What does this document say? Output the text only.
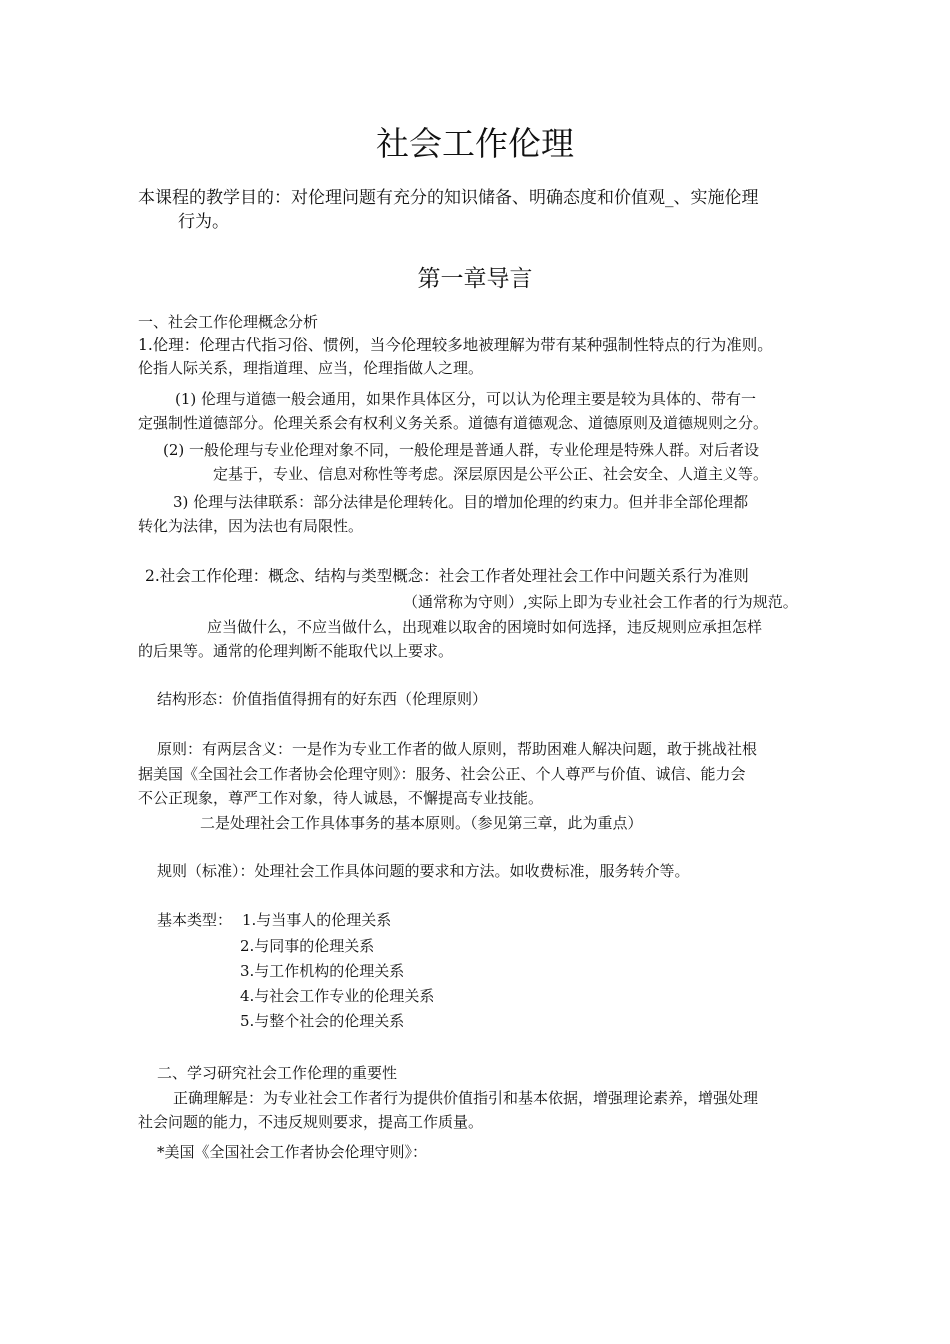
社会工作伦理
本课程的教学目的：对伦理问题有充分的知识储备、明确态度和价值观_、实施伦理
行为。
第一章导言
一、社会工作伦理概念分析
1.伦理：伦理古代指习俗、惯例，当今伦理较多地被理解为带有某种强制性特点的行为准则。
伦指人际关系，理指道理、应当，伦理指做人之理。
(1) 伦理与道德一般会通用，如果作具体区分，可以认为伦理主要是较为具体的、带有一
定强制性道德部分。伦理关系会有权利义务关系。道德有道德观念、道德原则及道德规则之分。
(2) 一般伦理与专业伦理对象不同，一般伦理是普通人群，专业伦理是特殊人群。对后者设
定基于，专业、信息对称性等考虑。深层原因是公平公正、社会安全、人道主义等。
3) 伦理与法律联系：部分法律是伦理转化。目的增加伦理的约束力。但并非全部伦理都
转化为法律，因为法也有局限性。
2.社会工作伦理：概念、结构与类型概念：社会工作者处理社会工作中问题关系行为准则
（通常称为守则）,实际上即为专业社会工作者的行为规范。
应当做什么，不应当做什么，出现难以取舍的困境时如何选择，违反规则应承担怎样
的后果等。通常的伦理判断不能取代以上要求。
结构形态：价值指值得拥有的好东西（伦理原则）
原则：有两层含义：一是作为专业工作者的做人原则，帮助困难人解决问题，敢于挑战社根
据美国《全国社会工作者协会伦理守则》：服务、社会公正、个人尊严与价值、诚信、能力会
不公正现象，尊严工作对象，待人诚恳，不懈提高专业技能。
二是处理社会工作具体事务的基本原则。（参见第三章，此为重点）
规则（标准）：处理社会工作具体问题的要求和方法。如收费标准，服务转介等。
基本类型： 1.与当事人的伦理关系
2.与同事的伦理关系
3.与工作机构的伦理关系
4.与社会工作专业的伦理关系
5.与整个社会的伦理关系
二、学习研究社会工作伦理的重要性
正确理解是：为专业社会工作者行为提供价值指引和基本依据，增强理论素养，增强处理
社会问题的能力，不违反规则要求，提高工作质量。
*美国《全国社会工作者协会伦理守则》：
